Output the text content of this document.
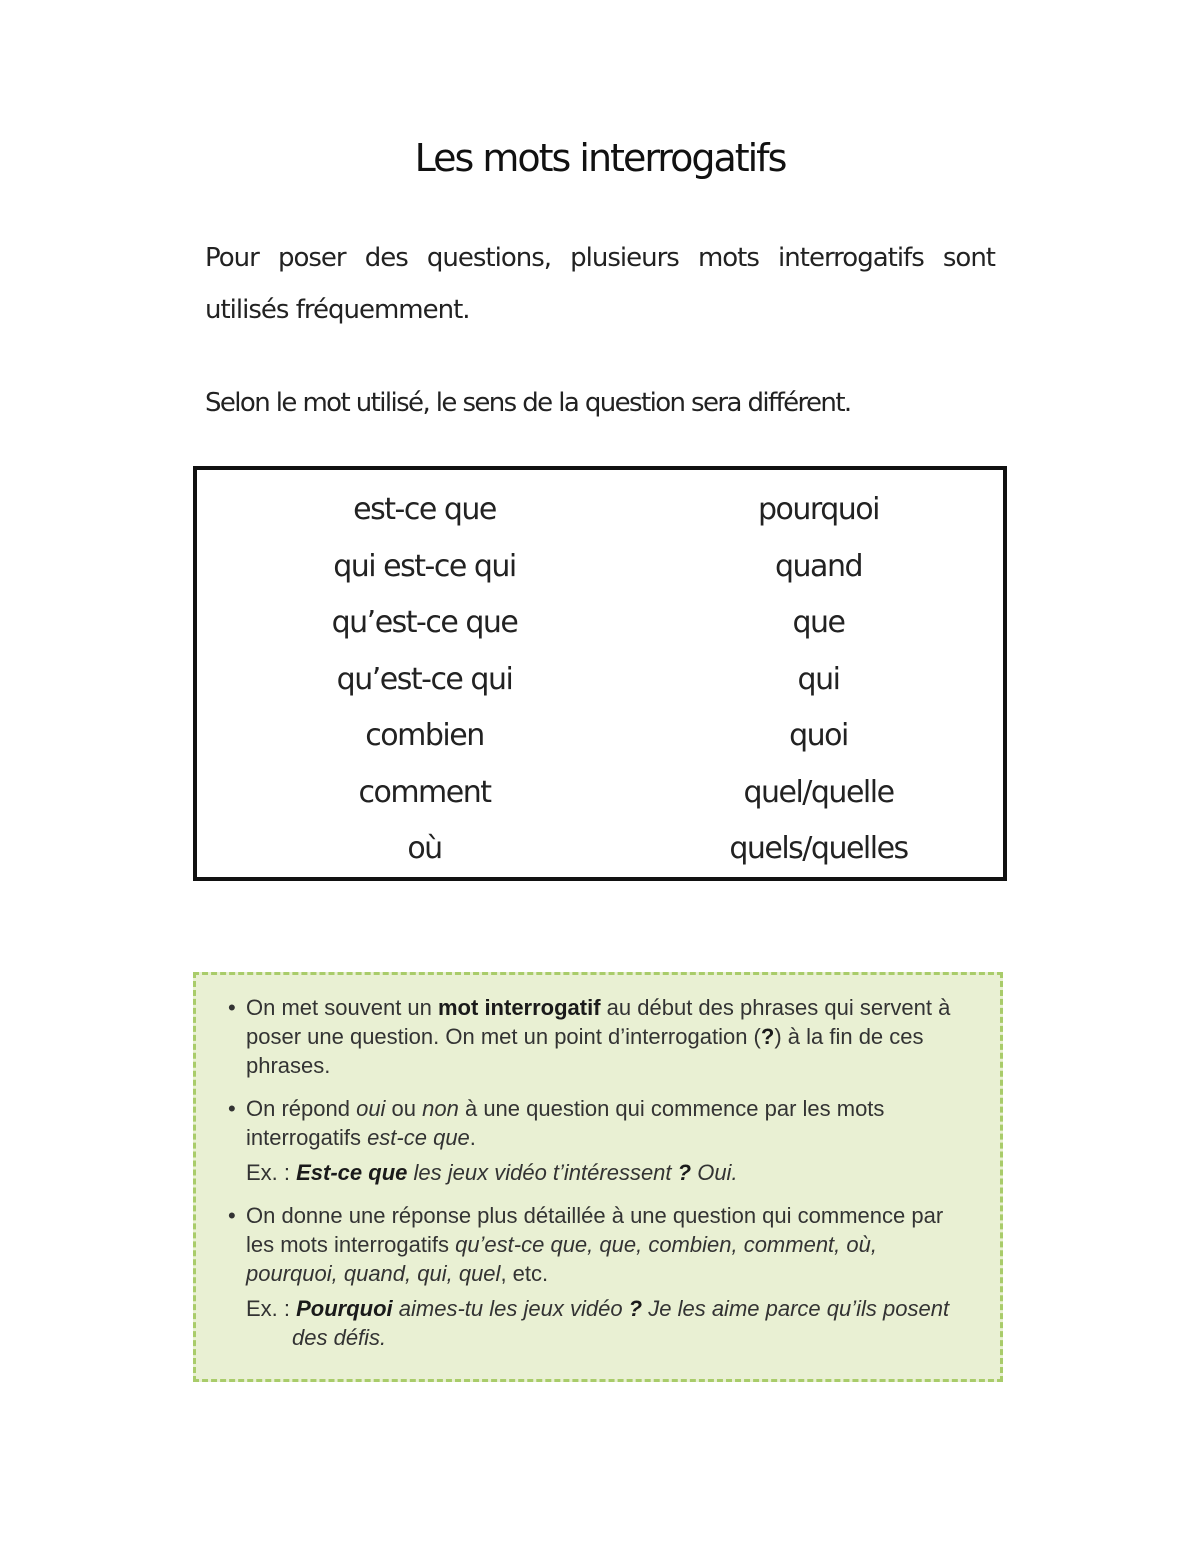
Les mots interrogatifs

Pour poser des questions, plusieurs mots interrogatifs sont utilisés fréquemment.

Selon le mot utilisé, le sens de la question sera différent.

est-ce que
qui est-ce qui
qu’est-ce que
qu’est-ce qui
combien
comment
où
pourquoi
quand
que
qui
quoi
quel/quelle
quels/quelles
• On met souvent un mot interrogatif au début des phrases qui servent à poser une question. On met un point d’interrogation (?) à la fin de ces phrases.
• On répond oui ou non à une question qui commence par les mots interrogatifs est-ce que.
Ex. : Est-ce que les jeux vidéo t’intéressent ? Oui.
• On donne une réponse plus détaillée à une question qui commence par les mots interrogatifs qu’est-ce que, que, combien, comment, où, pourquoi, quand, qui, quel, etc.
Ex. : Pourquoi aimes-tu les jeux vidéo ? Je les aime parce qu’ils posent des défis.
